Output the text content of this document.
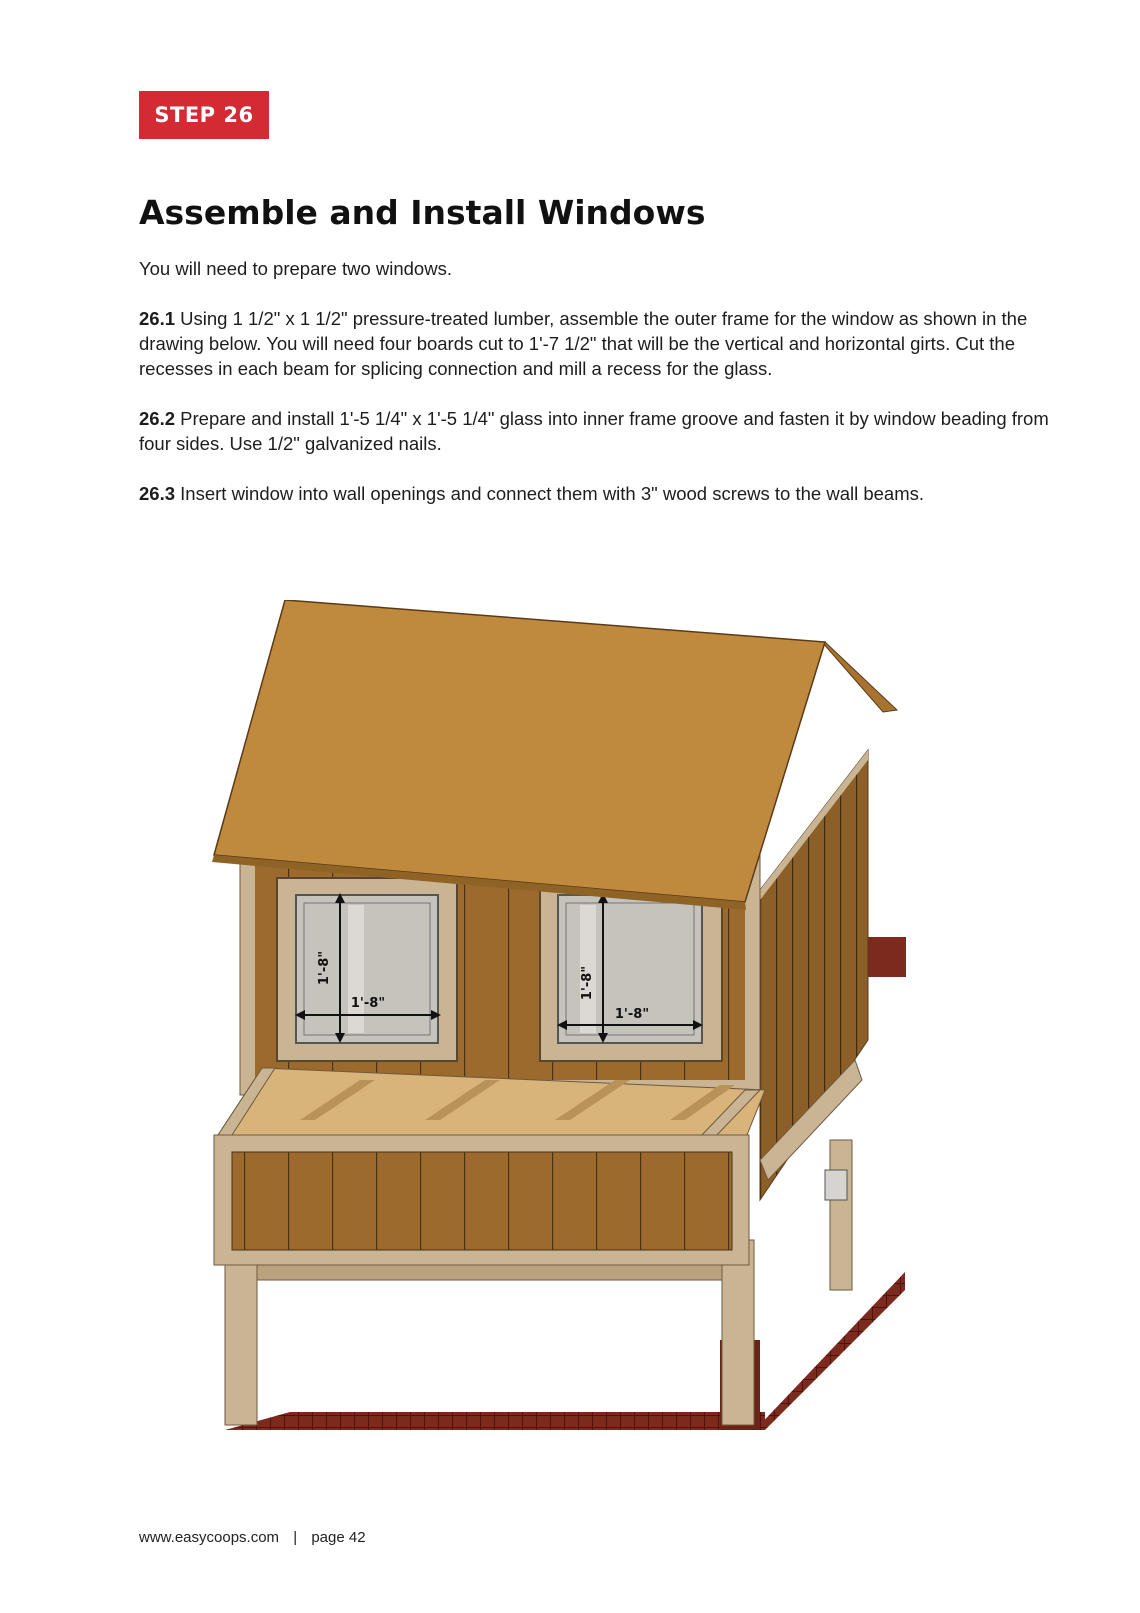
STEP 26
Assemble and Install Windows

You will need to prepare two windows.

26.1 Using 1 1/2" x 1 1/2" pressure-treated lumber, assemble the outer frame for the window as shown in the drawing below. You will need four boards cut to 1'-7 1/2" that will be the vertical and horizontal girts. Cut the recesses in each beam for splicing connection and mill a recess for the glass.

26.2 Prepare and install 1'-5 1/4" x 1'-5 1/4" glass into inner frame groove and fasten it by window beading from four sides. Use 1/2" galvanized nails.

26.3 Insert window into wall openings and connect them with 3" wood screws to the wall beams.

1'-8"
1'-8"
1'-8"
1'-8"
www.easycoops.com | page 42
